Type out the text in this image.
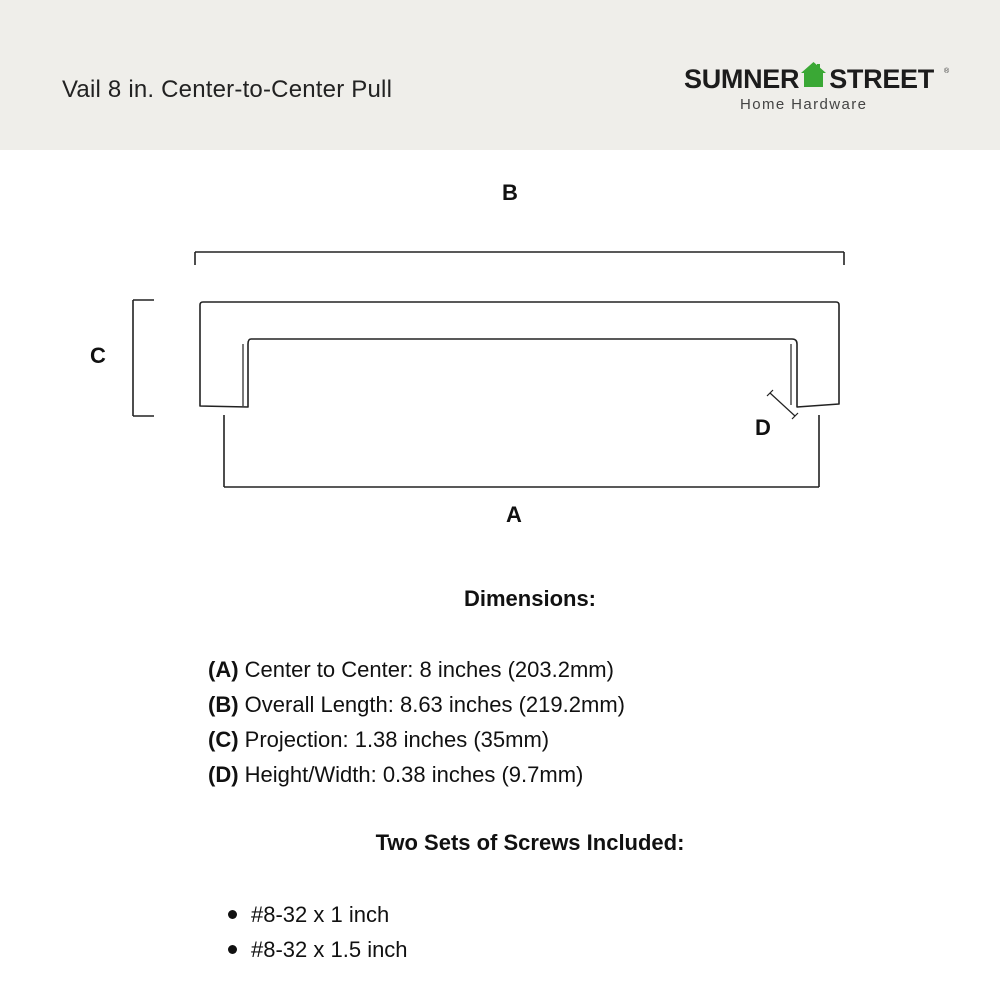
Vail 8 in. Center-to-Center Pull	SUMNER STREET ®
Home Hardware
B
C
D
A
Dimensions:
(A) Center to Center: 8 inches (203.2mm)
(B) Overall Length: 8.63 inches (219.2mm)
(C) Projection: 1.38 inches (35mm)
(D) Height/Width: 0.38 inches (9.7mm)
Two Sets of Screws Included:
#8-32 x 1 inch
#8-32 x 1.5 inch
